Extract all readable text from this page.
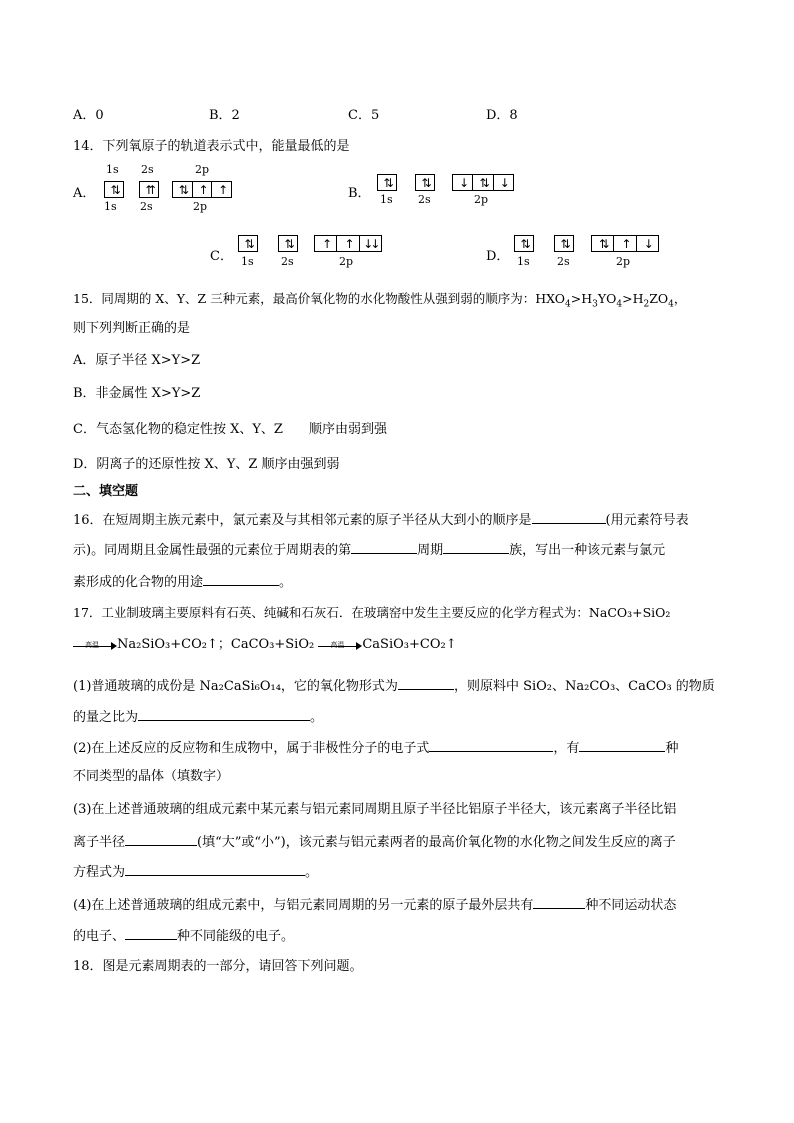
A．0	B．2	C．5	D．8
14．下列氧原子的轨道表示式中，能量最低的是
A．
1s 2s	2p
⇅	⇈	⇅	↑	↑
1s 2s	2p
B．
⇅	⇅	↓	⇅	↓
1s 2s	2p
C．
⇅	⇅	↑	↑ ↓↓
1s 2s	2p	D．
⇅	⇅	⇅	↑	↓
1s 2s	2p
15．同周期的 X、Y、Z 三种元素，最高价氧化物的水化物酸性从强到弱的顺序为：$HXO_4>H_3YO_4>H_2ZO_4$，
则下列判断正确的是
A．原子半径 X>Y>Z
B．非金属性 X>Y>Z
C．气态氢化物的稳定性按 X、Y、Z　　顺序由弱到强
D．阴离子的还原性按 X、Y、Z 顺序由强到弱
二、填空题
16．在短周期主族元素中，氯元素及与其相邻元素的原子半径从大到小的顺序是	(用元素符号表
示)。同周期且金属性最强的元素位于周期表的第	周期	族，写出一种该元素与氯元
素形成的化合物的用途	。
17．工业制玻璃主要原料有石英、纯碱和石灰石．在玻璃窑中发生主要反应的化学方程式为：NaCO₃+SiO₂
高温 Na₂SiO₃+CO₂↑；CaCO₃+SiO₂ 高温 CaSiO₃+CO₂↑
(1)普通玻璃的成份是 Na₂CaSi₆O₁₄，它的氧化物形式为	，则原料中 SiO₂、Na₂CO₃、CaCO₃ 的物质
的量之比为	。
(2)在上述反应的反应物和生成物中，属于非极性分子的电子式	，有	种
不同类型的晶体（填数字）
(3)在上述普通玻璃的组成元素中某元素与铝元素同周期且原子半径比铝原子半径大，该元素离子半径比铝
离子半径	(填“大”或“小”)，该元素与铝元素两者的最高价氧化物的水化物之间发生反应的离子
方程式为	。
(4)在上述普通玻璃的组成元素中，与铝元素同周期的另一元素的原子最外层共有	种不同运动状态
的电子、	种不同能级的电子。
18．图是元素周期表的一部分，请回答下列问题。
